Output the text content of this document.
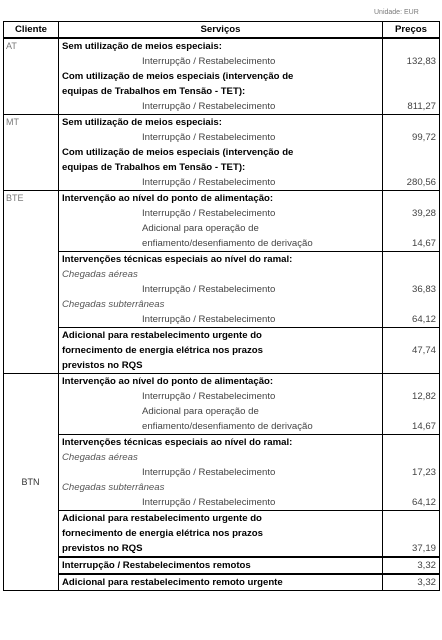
Unidade: EUR
Cliente	Serviços	Preços
AT	Sem utilização de meios especiais:	
	Interrupção / Restabelecimento	132,83
	Com utilização de meios especiais (intervenção de	
	equipas de Trabalhos em Tensão - TET):	
	Interrupção / Restabelecimento	811,27
MT	Sem utilização de meios especiais:	
	Interrupção / Restabelecimento	99,72
	Com utilização de meios especiais (intervenção de	
	equipas de Trabalhos em Tensão - TET):	
	Interrupção / Restabelecimento	280,56
BTE	Intervenção ao nível do ponto de alimentação:	
	Interrupção / Restabelecimento	39,28
	Adicional para operação de	
	enfiamento/desenfiamento de derivação	14,67
	Intervenções técnicas especiais ao nível do ramal:	
	Chegadas aéreas	
	Interrupção / Restabelecimento	36,83
	Chegadas subterrâneas	
	Interrupção / Restabelecimento	64,12
	Adicional para restabelecimento urgente do	
	fornecimento de energia elétrica nos prazos	47,74
	previstos no RQS	
BTN	Intervenção ao nível do ponto de alimentação:	
	Interrupção / Restabelecimento	12,82
	Adicional para operação de	
	enfiamento/desenfiamento de derivação	14,67
	Intervenções técnicas especiais ao nível do ramal:	
	Chegadas aéreas	
	Interrupção / Restabelecimento	17,23
	Chegadas subterrâneas	
	Interrupção / Restabelecimento	64,12
	Adicional para restabelecimento urgente do	
	fornecimento de energia elétrica nos prazos	
	previstos no RQS	37,19
	Interrupção / Restabelecimentos remotos	3,32
	Adicional para restabelecimento remoto urgente	3,32
